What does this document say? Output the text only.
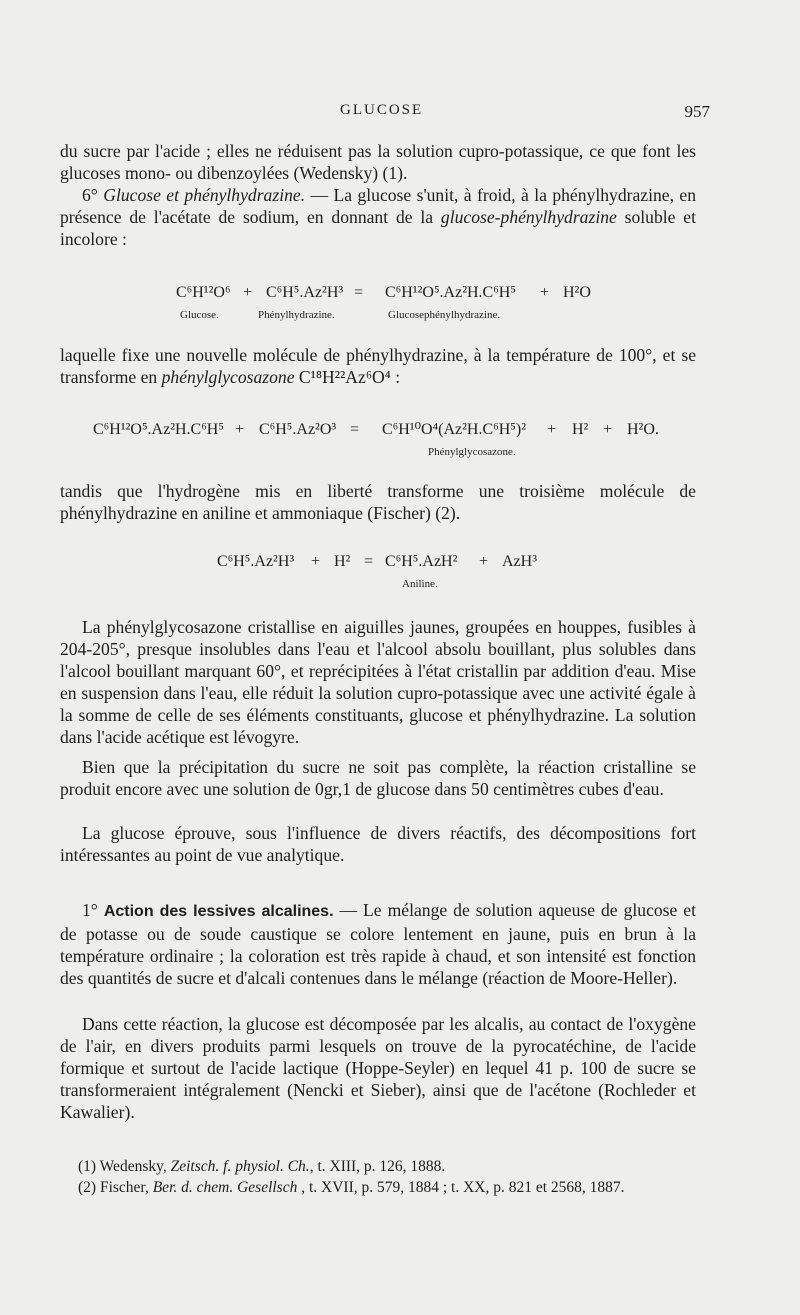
GLUCOSE	957

du sucre par l'acide ; elles ne réduisent pas la solution cupro-potassique, ce que font les glucoses mono- ou dibenzoylées (Wedensky) (1).

6° Glucose et phénylhydrazine. — La glucose s'unit, à froid, à la phénylhydrazine, en présence de l'acétate de sodium, en donnant de la glucose-phénylhydrazine soluble et incolore :

C⁶H¹²O⁶ + C⁶H⁵.Az²H³ = C⁶H¹²O⁵.Az²H.C⁶H⁵ + H²O
Glucose.	Phénylhydrazine.	Glucosephénylhydrazine.

laquelle fixe une nouvelle molécule de phénylhydrazine, à la température de 100°, et se transforme en phénylglycosazone C¹⁸H²²Az⁶O⁴ :

C⁶H¹²O⁵.Az²H.C⁶H⁵ + C⁶H⁵.Az²O³ = C⁶H¹⁰O⁴(Az²H.C⁶H⁵)² + H² + H²O.
Phénylglycosazone.

tandis que l'hydrogène mis en liberté transforme une troisième molécule de phénylhydrazine en aniline et ammoniaque (Fischer) (2).

C⁶H⁵.Az²H³ + H² = C⁶H⁵.AzH² + AzH³
Aniline.

La phénylglycosazone cristallise en aiguilles jaunes, groupées en houppes, fusibles à 204-205°, presque insolubles dans l'eau et l'alcool absolu bouillant, plus solubles dans l'alcool bouillant marquant 60°, et reprécipitées à l'état cristallin par addition d'eau. Mise en suspension dans l'eau, elle réduit la solution cupro-potassique avec une activité égale à la somme de celle de ses éléments constituants, glucose et phénylhydrazine. La solution dans l'acide acétique est lévogyre.

Bien que la précipitation du sucre ne soit pas complète, la réaction cristalline se produit encore avec une solution de 0gr,1 de glucose dans 50 centimètres cubes d'eau.

La glucose éprouve, sous l'influence de divers réactifs, des décompositions fort intéressantes au point de vue analytique.

1° Action des lessives alcalines. — Le mélange de solution aqueuse de glucose et de potasse ou de soude caustique se colore lentement en jaune, puis en brun à la température ordinaire ; la coloration est très rapide à chaud, et son intensité est fonction des quantités de sucre et d'alcali contenues dans le mélange (réaction de Moore-Heller).

Dans cette réaction, la glucose est décomposée par les alcalis, au contact de l'oxygène de l'air, en divers produits parmi lesquels on trouve de la pyrocatéchine, de l'acide formique et surtout de l'acide lactique (Hoppe-Seyler) en lequel 41 p. 100 de sucre se transformeraient intégralement (Nencki et Sieber), ainsi que de l'acétone (Rochleder et Kawalier).

(1) Wedensky, Zeitsch. f. physiol. Ch., t. XIII, p. 126, 1888.
(2) Fischer, Ber. d. chem. Gesellsch , t. XVII, p. 579, 1884 ; t. XX, p. 821 et 2568, 1887.
